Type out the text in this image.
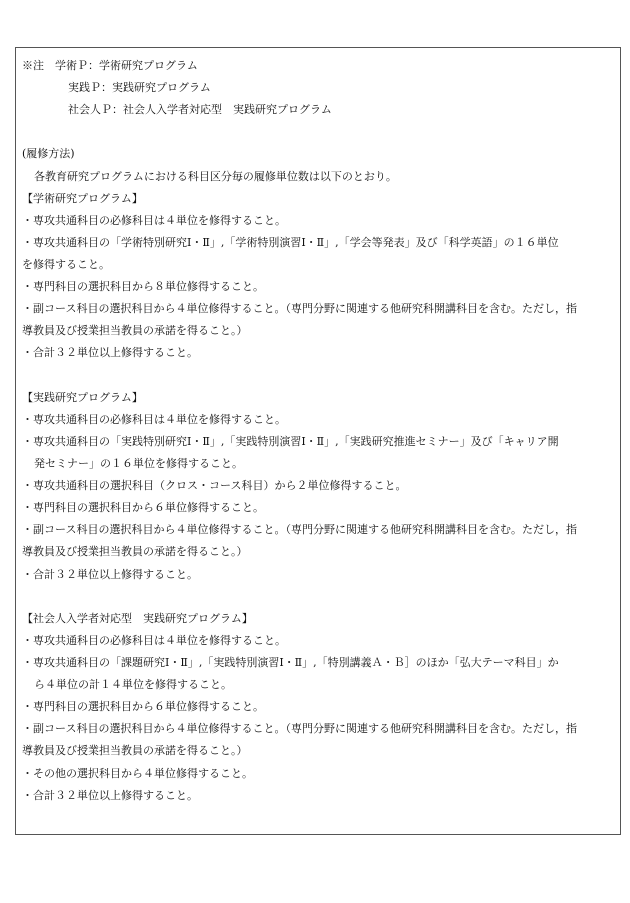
※注　学術Ｐ：学術研究プログラム
実践Ｐ：実践研究プログラム
社会人Ｐ：社会人入学者対応型　実践研究プログラム
(履修方法)
各教育研究プログラムにおける科目区分毎の履修単位数は以下のとおり。
【学術研究プログラム】
・専攻共通科目の必修科目は４単位を修得すること。
・専攻共通科目の「学術特別研究Ⅰ・Ⅱ」,「学術特別演習Ⅰ・Ⅱ」,「学会等発表」及び「科学英語」の１６単位
を修得すること。
・専門科目の選択科目から８単位修得すること。
・副コース科目の選択科目から４単位修得すること。（専門分野に関連する他研究科開講科目を含む。ただし，指
導教員及び授業担当教員の承諾を得ること。）
・合計３２単位以上修得すること。
【実践研究プログラム】
・専攻共通科目の必修科目は４単位を修得すること。
・専攻共通科目の「実践特別研究Ⅰ・Ⅱ」,「実践特別演習Ⅰ・Ⅱ」,「実践研究推進セミナー」及び「キャリア開
発セミナー」の１６単位を修得すること。
・専攻共通科目の選択科目（クロス・コース科目）から２単位修得すること。
・専門科目の選択科目から６単位修得すること。
・副コース科目の選択科目から４単位修得すること。（専門分野に関連する他研究科開講科目を含む。ただし，指
導教員及び授業担当教員の承諾を得ること。）
・合計３２単位以上修得すること。
【社会人入学者対応型　実践研究プログラム】
・専攻共通科目の必修科目は４単位を修得すること。
・専攻共通科目の「課題研究Ⅰ・Ⅱ」,「実践特別演習Ⅰ・Ⅱ」,「特別講義Ａ・Ｂ］のほか「弘大テーマ科目」か
ら４単位の計１４単位を修得すること。
・専門科目の選択科目から６単位修得すること。
・副コース科目の選択科目から４単位修得すること。（専門分野に関連する他研究科開講科目を含む。ただし，指
導教員及び授業担当教員の承諾を得ること。）
・その他の選択科目から４単位修得すること。
・合計３２単位以上修得すること。
